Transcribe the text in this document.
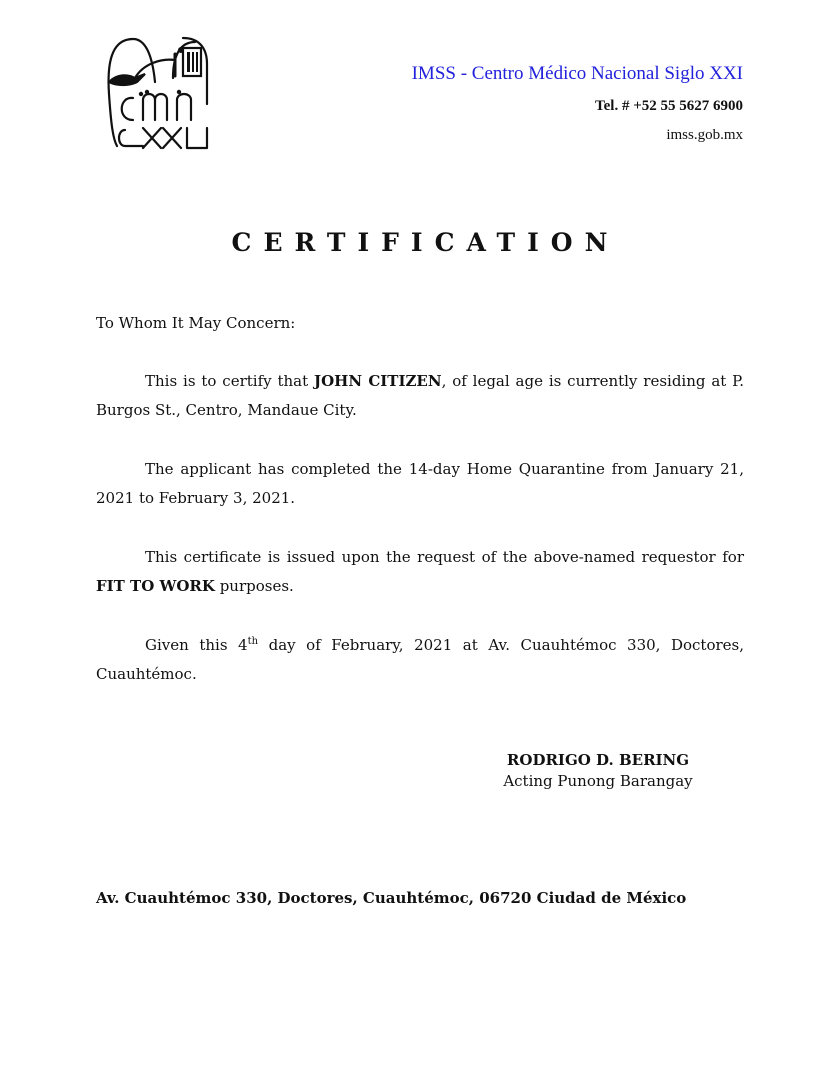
IMSS - Centro Médico Nacional Siglo XXI
Tel. # +52 55 5627 6900
imss.gob.mx
CERTIFICATION
To Whom It May Concern:
This is to certify that JOHN CITIZEN, of legal age is currently residing at P. Burgos St., Centro, Mandaue City.
The applicant has completed the 14-day Home Quarantine from January 21, 2021 to February 3, 2021.
This certificate is issued upon the request of the above-named requestor for FIT TO WORK purposes.
Given this 4th day of February, 2021 at Av. Cuauhtémoc 330, Doctores, Cuauhtémoc.
RODRIGO D. BERING
Acting Punong Barangay
Av. Cuauhtémoc 330, Doctores, Cuauhtémoc, 06720 Ciudad de México
